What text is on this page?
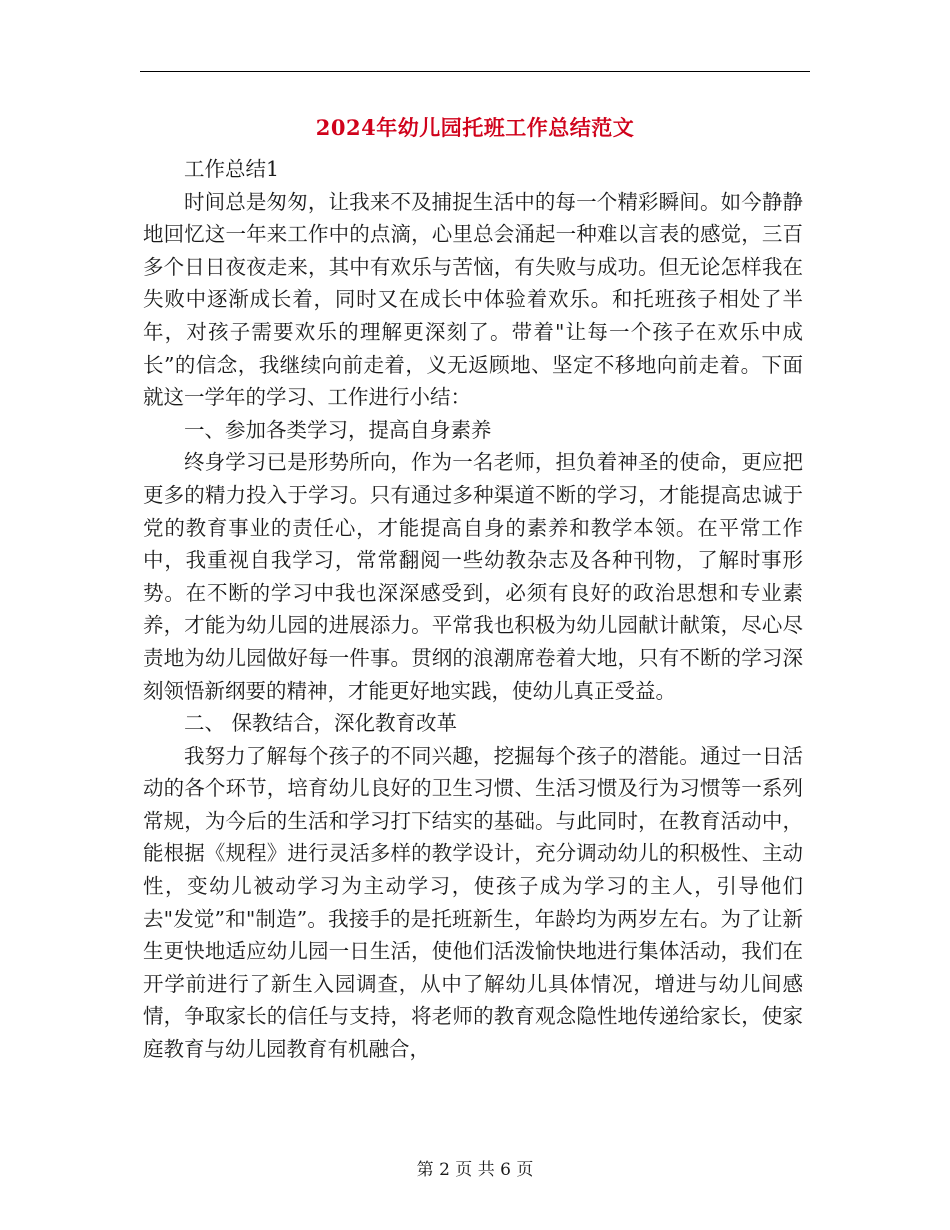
2024年幼儿园托班工作总结范文

工作总结1

时间总是匆匆，让我来不及捕捉生活中的每一个精彩瞬间。如今静静地回忆这一年来工作中的点滴，心里总会涌起一种难以言表的感觉，三百多个日日夜夜走来，其中有欢乐与苦恼，有失败与成功。但无论怎样我在失败中逐渐成长着，同时又在成长中体验着欢乐。和托班孩子相处了半年，对孩子需要欢乐的理解更深刻了。带着"让每一个孩子在欢乐中成长”的信念，我继续向前走着，义无返顾地、坚定不移地向前走着。下面就这一学年的学习、工作进行小结：

一、参加各类学习，提高自身素养

终身学习已是形势所向，作为一名老师，担负着神圣的使命，更应把更多的精力投入于学习。只有通过多种渠道不断的学习，才能提高忠诚于党的教育事业的责任心，才能提高自身的素养和教学本领。在平常工作中，我重视自我学习，常常翻阅一些幼教杂志及各种刊物，了解时事形势。在不断的学习中我也深深感受到，必须有良好的政治思想和专业素养，才能为幼儿园的进展添力。平常我也积极为幼儿园献计献策，尽心尽责地为幼儿园做好每一件事。贯纲的浪潮席卷着大地，只有不断的学习深刻领悟新纲要的精神，才能更好地实践，使幼儿真正受益。

二、 保教结合，深化教育改革

我努力了解每个孩子的不同兴趣，挖掘每个孩子的潜能。通过一日活动的各个环节，培育幼儿良好的卫生习惯、生活习惯及行为习惯等一系列常规，为今后的生活和学习打下结实的基础。与此同时，在教育活动中，能根据《规程》进行灵活多样的教学设计，充分调动幼儿的积极性、主动性，变幼儿被动学习为主动学习，使孩子成为学习的主人，引导他们去"发觉”和"制造”。我接手的是托班新生，年龄均为两岁左右。为了让新生更快地适应幼儿园一日生活，使他们活泼愉快地进行集体活动，我们在开学前进行了新生入园调查，从中了解幼儿具体情况，增进与幼儿间感情，争取家长的信任与支持，将老师的教育观念隐性地传递给家长，使家庭教育与幼儿园教育有机融合，

第 2 页 共 6 页
